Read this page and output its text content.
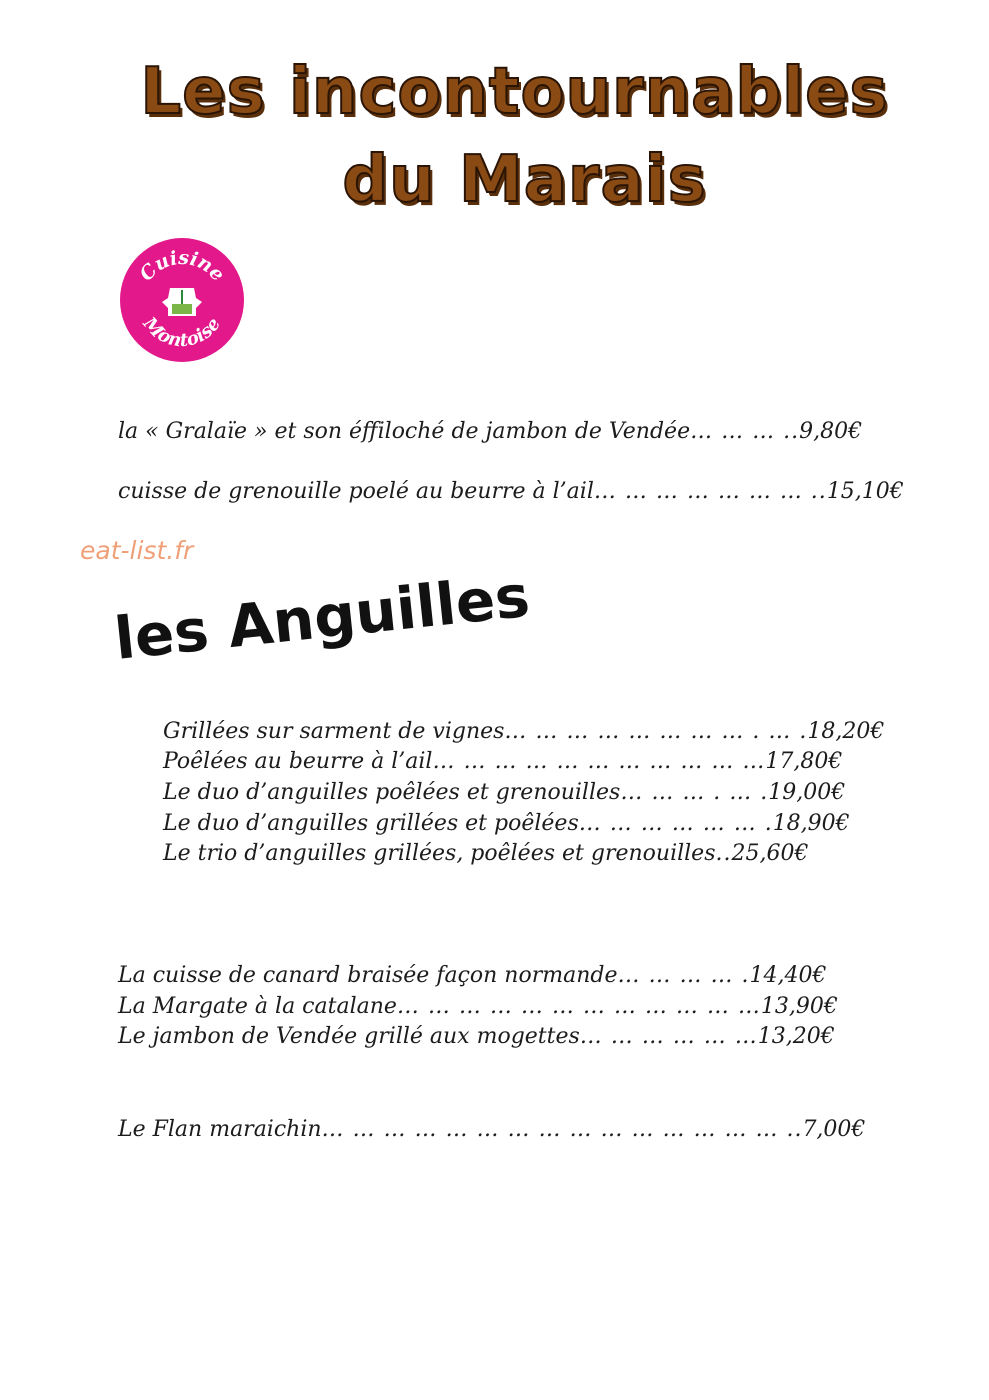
Les incontournables
du Marais
Cuisine
Montoise
la « Gralaïe » et son éffiloché de jambon de Vendée… … … ..9,80€
cuisse de grenouille poelé au beurre à l’ail… … … … … … … ..15,10€
eat-list.fr
les Anguilles
Grillées sur sarment de vignes… … … … … … … … . … .18,20€
Poêlées au beurre à l’ail… … … … … … … … … … …17,80€
Le duo d’anguilles poêlées et grenouilles… … … . … .19,00€
Le duo d’anguilles grillées et poêlées… … … … … … .18,90€
Le trio d’anguilles grillées, poêlées et grenouilles..25,60€
La cuisse de canard braisée façon normande… … … … .14,40€
La Margate à la catalane… … … … … … … … … … … …13,90€
Le jambon de Vendée grillé aux mogettes… … … … … …13,20€
Le Flan maraichin… … … … … … … … … … … … … … … ..7,00€
